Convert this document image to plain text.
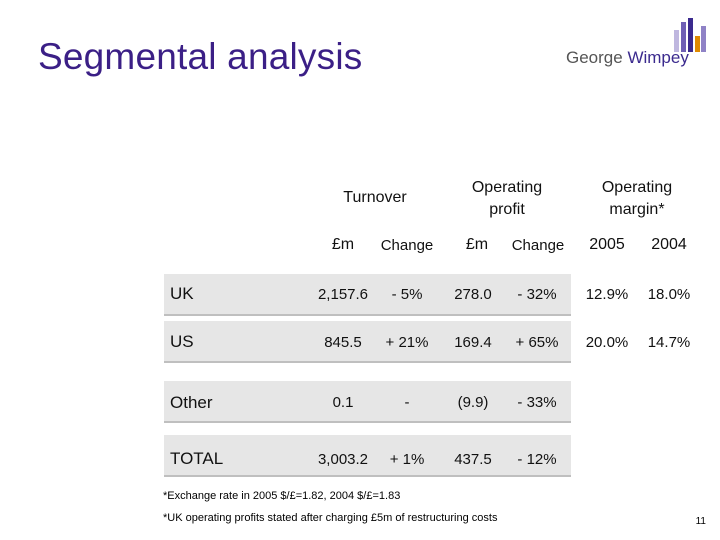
Segmental analysis	George Wimpey
Turnover
Operating profit
Operating margin*
£m	Change	£m	Change	2005	2004
UK	2,157.6	- 5%	278.0	- 32%	12.9%	18.0%
US	845.5	+ 21%	169.4	+ 65%	20.0%	14.7%
Other	0.1	-	(9.9)	- 33%
TOTAL	3,003.2	+ 1%	437.5	- 12%
*Exchange rate in 2005 $/£=1.82, 2004 $/£=1.83
*UK operating profits stated after charging £5m of restructuring costs	11
